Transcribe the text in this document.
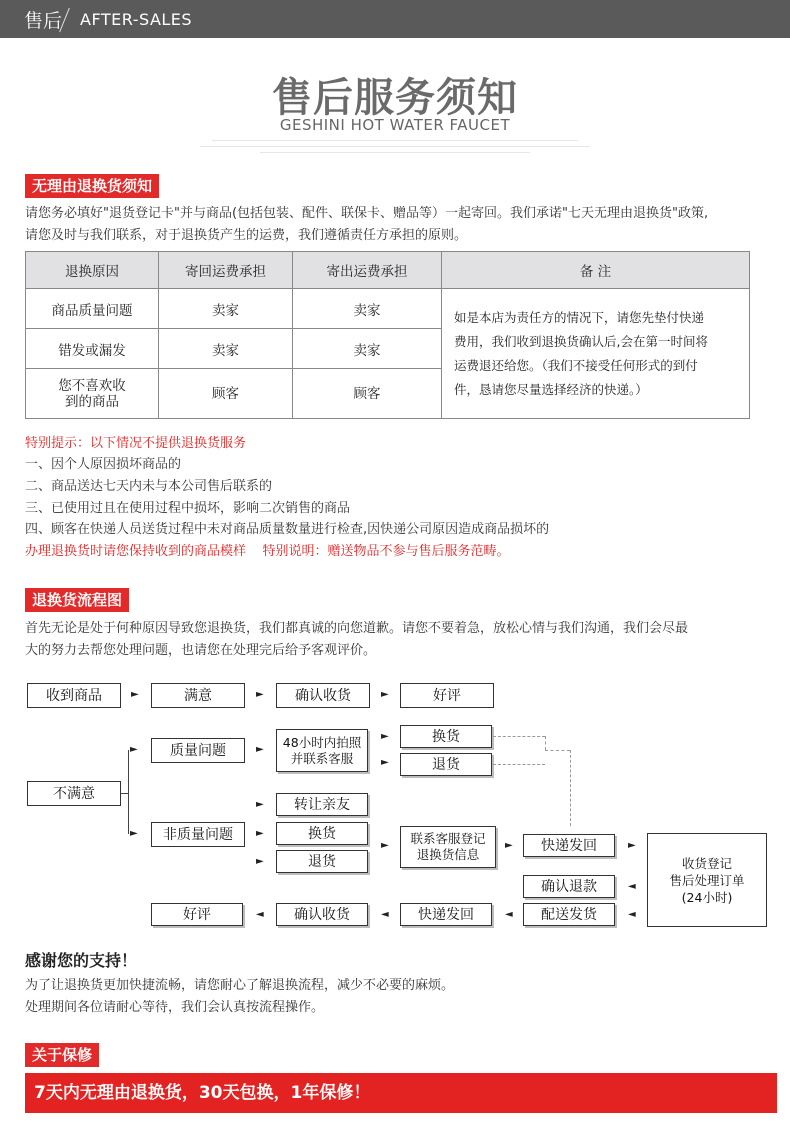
售后 AFTER-SALES
售后服务须知
GESHINI HOT WATER FAUCET
无理由退换货须知
请您务必填好"退货登记卡"并与商品(包括包装、配件、联保卡、赠品等）一起寄回。我们承诺"七天无理由退换货"政策,
请您及时与我们联系，对于退换货产生的运费，我们遵循责任方承担的原则。
退换原因	寄回运费承担	寄出运费承担	备 注
商品质量问题	卖家	卖家	如是本店为责任方的情况下，请您先垫付快递
费用，我们收到退换货确认后,会在第一时间将
运费退还给您。（我们不接受任何形式的到付
件，恳请您尽量选择经济的快递。）

错发或漏发	卖家	卖家	

您不喜欢收
到的商品	顾客	顾客	
特别提示：以下情况不提供退换货服务
一、因个人原因损坏商品的
二、商品送达七天内未与本公司售后联系的
三、已使用过且在使用过程中损坏，影响二次销售的商品
四、顾客在快递人员送货过程中未对商品质量数量进行检查,因快递公司原因造成商品损坏的
办理退换货时请您保持收到的商品模样 特别说明：赠送物品不参与售后服务范畴。
退换货流程图
首先无论是处于何种原因导致您退换货，我们都真诚的向您道歉。请您不要着急，放松心情与我们沟通，我们会尽最
大的努力去帮您处理问题，也请您在处理完后给予客观评价。
收到商品	►	满意	►	确认收货	►	好评
不满意
►
►
质量问题	► 48小时内拍照
并联系客服
►
►
换货
退货
非质量问题
►
►
►
转让亲友
换货
退货
► 联系客服登记
退换货信息
►	快递发回	►
收货登记
售后处理订单
(24小时)
◄
◄
确认退款
配送发货
◄
快递发回
◄
确认收货
◄
好评
感谢您的支持！
为了让退换货更加快捷流畅，请您耐心了解退换流程，减少不必要的麻烦。
处理期间各位请耐心等待，我们会认真按流程操作。
关于保修
7天内无理由退换货，30天包换，1年保修！
